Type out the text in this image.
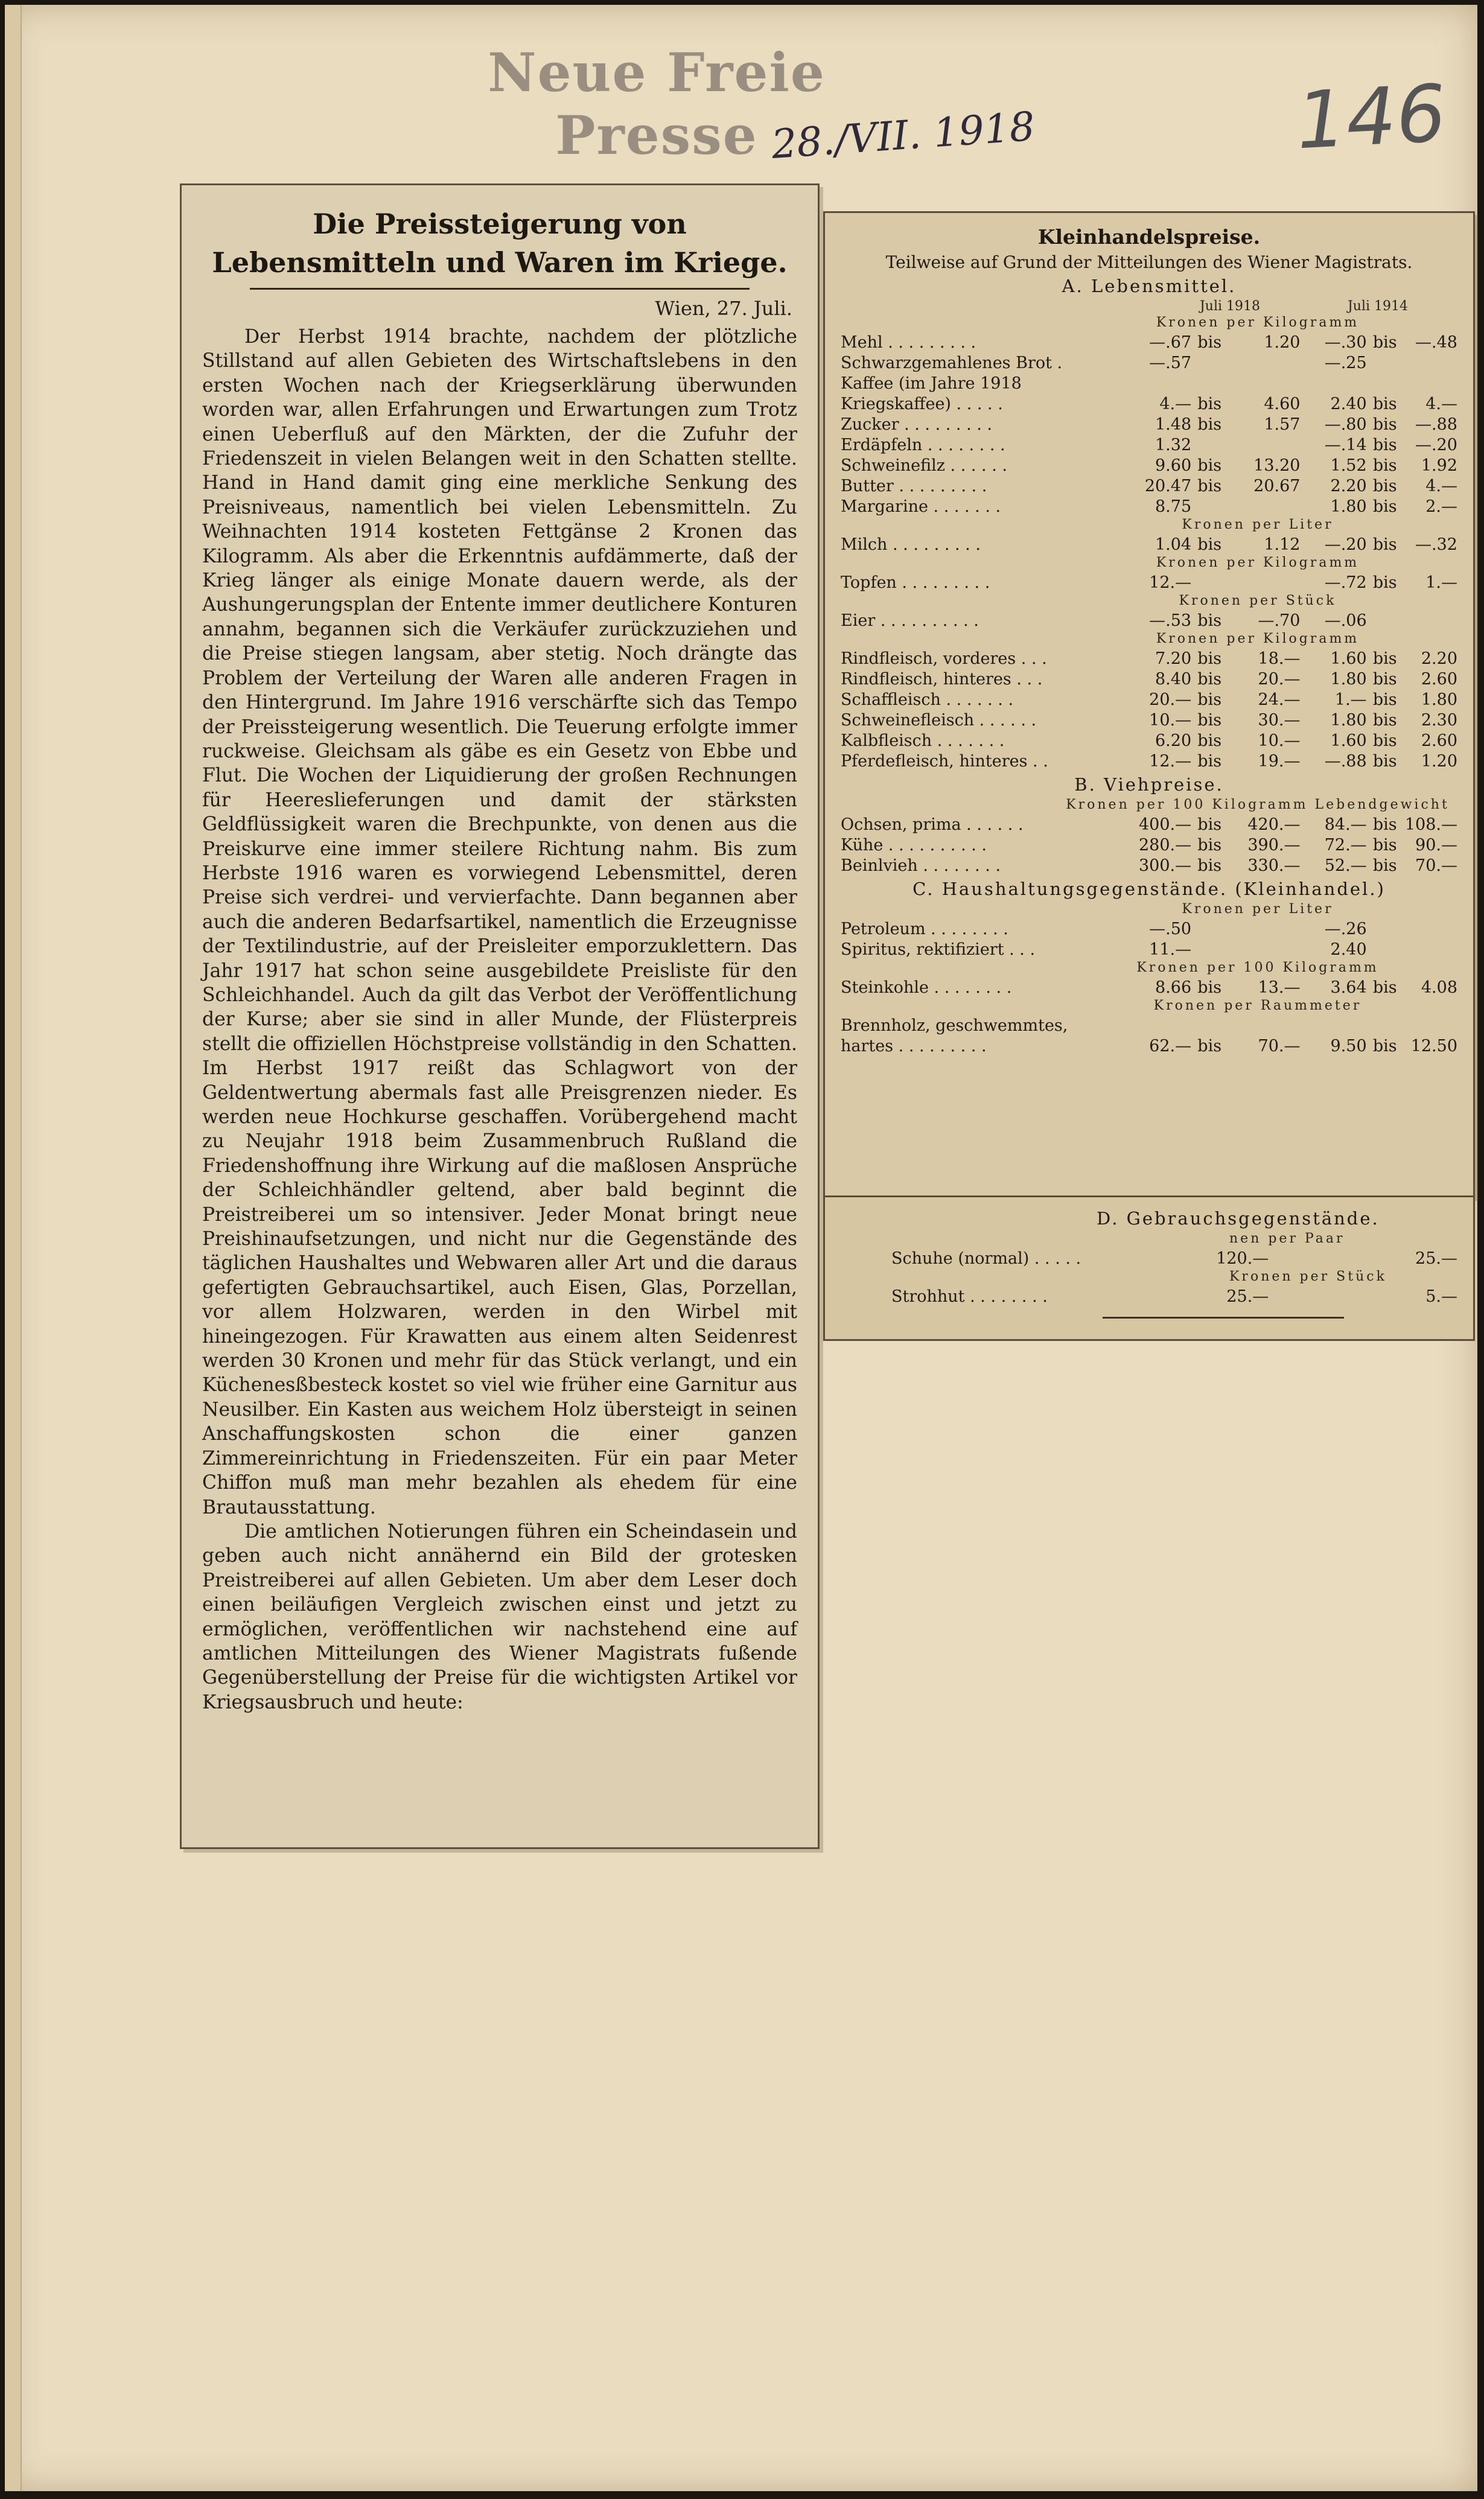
Neue Freie Presse 28./VII. 1918	146
Die Preissteigerung von Lebensmitteln und Waren im Kriege.
Wien, 27. Juli.

Der Herbst 1914 brachte, nachdem der plötzliche Stillstand auf allen Gebieten des Wirtschaftslebens in den ersten Wochen nach der Kriegserklärung überwunden worden war, allen Erfahrungen und Erwartungen zum Trotz einen Ueberfluß auf den Märkten, der die Zufuhr der Friedenszeit in vielen Belangen weit in den Schatten stellte. Hand in Hand damit ging eine merkliche Senkung des Preisniveaus, namentlich bei vielen Lebensmitteln. Zu Weihnachten 1914 kosteten Fettgänse 2 Kronen das Kilogramm. Als aber die Erkenntnis aufdämmerte, daß der Krieg länger als einige Monate dauern werde, als der Aushungerungsplan der Entente immer deutlichere Konturen annahm, begannen sich die Verkäufer zurückzuziehen und die Preise stiegen langsam, aber stetig. Noch drängte das Problem der Verteilung der Waren alle anderen Fragen in den Hintergrund. Im Jahre 1916 verschärfte sich das Tempo der Preissteigerung wesentlich. Die Teuerung erfolgte immer ruckweise. Gleichsam als gäbe es ein Gesetz von Ebbe und Flut. Die Wochen der Liquidierung der großen Rechnungen für Heereslieferungen und damit der stärksten Geldflüssigkeit waren die Brechpunkte, von denen aus die Preiskurve eine immer steilere Richtung nahm. Bis zum Herbste 1916 waren es vorwiegend Lebensmittel, deren Preise sich verdrei- und vervierfachte. Dann begannen aber auch die anderen Bedarfsartikel, namentlich die Erzeugnisse der Textilindustrie, auf der Preisleiter emporzuklettern. Das Jahr 1917 hat schon seine ausgebildete Preisliste für den Schleichhandel. Auch da gilt das Verbot der Veröffentlichung der Kurse; aber sie sind in aller Munde, der Flüsterpreis stellt die offiziellen Höchstpreise vollständig in den Schatten. Im Herbst 1917 reißt das Schlagwort von der Geldentwertung abermals fast alle Preisgrenzen nieder. Es werden neue Hochkurse geschaffen. Vorübergehend macht zu Neujahr 1918 beim Zusammenbruch Rußland die Friedenshoffnung ihre Wirkung auf die maßlosen Ansprüche der Schleichhändler geltend, aber bald beginnt die Preistreiberei um so intensiver. Jeder Monat bringt neue Preishinaufsetzungen, und nicht nur die Gegenstände des täglichen Haushaltes und Webwaren aller Art und die daraus gefertigten Gebrauchsartikel, auch Eisen, Glas, Porzellan, vor allem Holzwaren, werden in den Wirbel mit hineingezogen. Für Krawatten aus einem alten Seidenrest werden 30 Kronen und mehr für das Stück verlangt, und ein Küchenesßbesteck kostet so viel wie früher eine Garnitur aus Neusilber. Ein Kasten aus weichem Holz übersteigt in seinen Anschaffungskosten schon die einer ganzen Zimmereinrichtung in Friedenszeiten. Für ein paar Meter Chiffon muß man mehr bezahlen als ehedem für eine Brautausstattung.

Die amtlichen Notierungen führen ein Scheindasein und geben auch nicht annähernd ein Bild der grotesken Preistreiberei auf allen Gebieten. Um aber dem Leser doch einen beiläufigen Vergleich zwischen einst und jetzt zu ermöglichen, veröffentlichen wir nachstehend eine auf amtlichen Mitteilungen des Wiener Magistrats fußende Gegenüberstellung der Preise für die wichtigsten Artikel vor Kriegsausbruch und heute:

Kleinhandelspreise.
Teilweise auf Grund der Mitteilungen des Wiener Magistrats.
A. Lebensmittel.
Juli 1918	Juli 1914
Kronen per Kilogramm
Mehl . . . . . . . . .	—.67	bis	1.20	—.30	bis	—.48
Schwarzgemahlenes Brot .	—.57			—.25		
Kaffee (im Jahre 1918						
Kriegskaffee) . . . . .	4.—	bis	4.60	2.40	bis	4.—
Zucker . . . . . . . . .	1.48	bis	1.57	—.80	bis	—.88
Erdäpfeln . . . . . . . .	1.32			—.14	bis	—.20
Schweinefilz . . . . . .	9.60	bis	13.20	1.52	bis	1.92
Butter . . . . . . . . .	20.47	bis	20.67	2.20	bis	4.—
Margarine . . . . . . .	8.75			1.80	bis	2.—
Kronen per Liter
Milch . . . . . . . . .	1.04	bis	1.12	—.20	bis	—.32
Kronen per Kilogramm
Topfen . . . . . . . . .	12.—			—.72	bis	1.—
Kronen per Stück
Eier . . . . . . . . . .	—.53	bis	—.70	—.06		
Kronen per Kilogramm
Rindfleisch, vorderes . . .	7.20	bis	18.—	1.60	bis	2.20
Rindfleisch, hinteres . . .	8.40	bis	20.—	1.80	bis	2.60
Schaffleisch . . . . . . .	20.—	bis	24.—	1.—	bis	1.80
Schweinefleisch . . . . . .	10.—	bis	30.—	1.80	bis	2.30
Kalbfleisch . . . . . . .	6.20	bis	10.—	1.60	bis	2.60
Pferdefleisch, hinteres . .	12.—	bis	19.—	—.88	bis	1.20
B. Viehpreise.
Kronen per 100 Kilogramm Lebendgewicht
Ochsen, prima . . . . . .	400.—	bis	420.—	84.—	bis	108.—
Kühe . . . . . . . . . .	280.—	bis	390.—	72.—	bis	90.—
Beinlvieh . . . . . . . .	300.—	bis	330.—	52.—	bis	70.—
C. Haushaltungsgegenstände. (Kleinhandel.)
Kronen per Liter
Petroleum . . . . . . . .	—.50			—.26		
Spiritus, rektifiziert . . .	11.—			2.40		
Kronen per 100 Kilogramm
Steinkohle . . . . . . . .	8.66	bis	13.—	3.64	bis	4.08
Kronen per Raummeter
Brennholz, geschwemmtes,						
hartes . . . . . . . . .	62.—	bis	70.—	9.50	bis	12.50
D. Gebrauchsgegenstände.
nen per Paar
Schuhe (normal) . . . . .	120.—	25.—
Kronen per Stück
Strohhut . . . . . . . .	25.—	5.—
